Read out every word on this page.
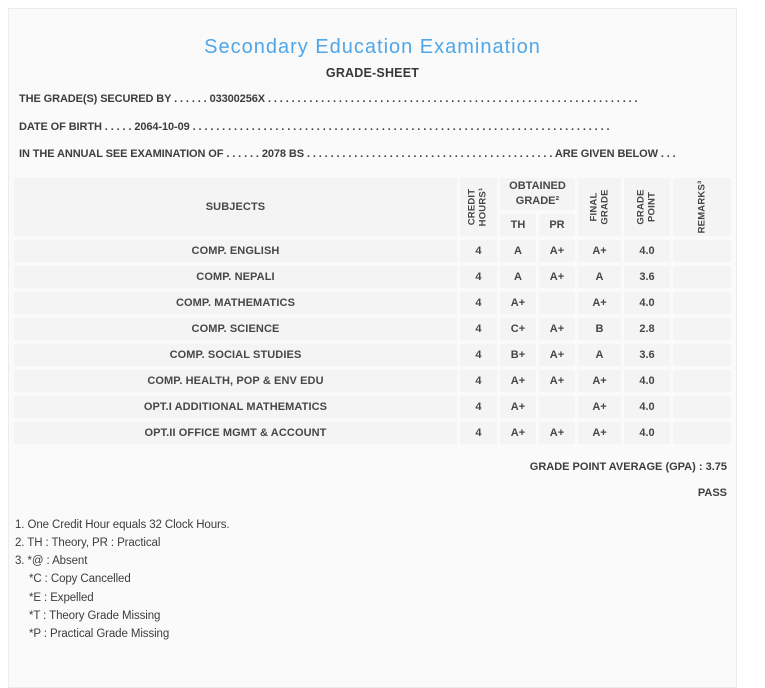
Secondary Education Examination
GRADE-SHEET
THE GRADE(S) SECURED BY . . . . . . 03300256X . . . . . . . . . . . . . . . . . . . . . . . . . . . . . . . . . . . . . . . . . . . . . . . . . . . . . . . . . . . . . . .
DATE OF BIRTH . . . . . 2064-10-09 . . . . . . . . . . . . . . . . . . . . . . . . . . . . . . . . . . . . . . . . . . . . . . . . . . . . . . . . . . . . . . . . . . . . . . .
IN THE ANNUAL SEE EXAMINATION OF . . . . . . 2078 BS . . . . . . . . . . . . . . . . . . . . . . . . . . . . . . . . . . . . . . . . . . ARE GIVEN BELOW . . .
SUBJECTS	CREDIT HOURS¹	OBTAINED GRADE²		FINAL GRADE	GRADE POINT	REMARKS³

		TH	PR			
COMP. ENGLISH	4	A	A+	A+	4.0	
COMP. NEPALI	4	A	A+	A	3.6	
COMP. MATHEMATICS	4	A+		A+	4.0	
COMP. SCIENCE	4	C+	A+	B	2.8	
COMP. SOCIAL STUDIES	4	B+	A+	A	3.6	
COMP. HEALTH, POP & ENV EDU	4	A+	A+	A+	4.0	
OPT.I ADDITIONAL MATHEMATICS	4	A+		A+	4.0	
OPT.II OFFICE MGMT & ACCOUNT	4	A+	A+	A+	4.0	
GRADE POINT AVERAGE (GPA) : 3.75
PASS
1. One Credit Hour equals 32 Clock Hours.
2. TH : Theory, PR : Practical
3. *@ : Absent
*C : Copy Cancelled
*E : Expelled
*T : Theory Grade Missing
*P : Practical Grade Missing
